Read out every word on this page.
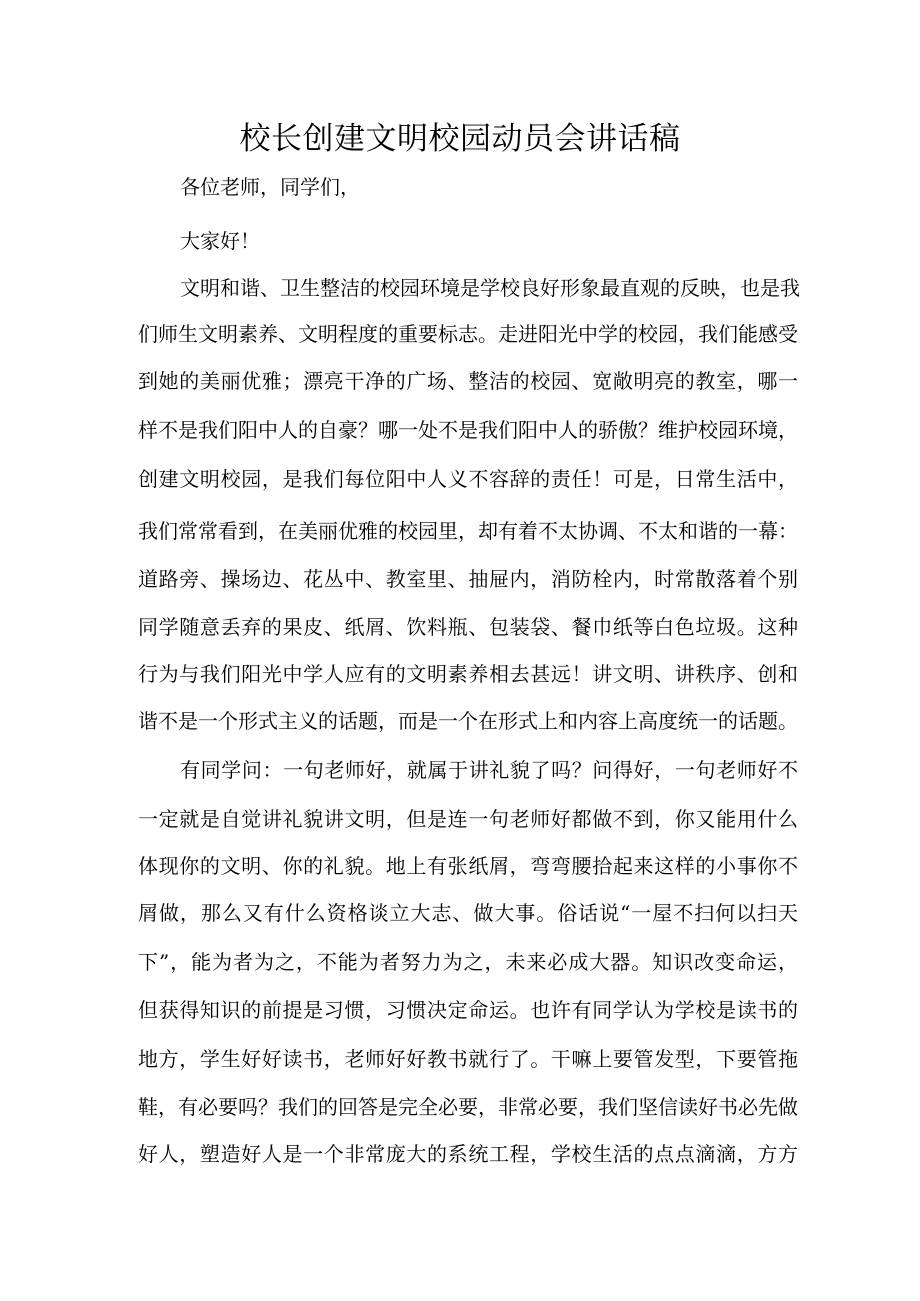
校长创建文明校园动员会讲话稿

各位老师，同学们，

大家好！

文明和谐、卫生整洁的校园环境是学校良好形象最直观的反映，也是我

们师生文明素养、文明程度的重要标志。走进阳光中学的校园，我们能感受

到她的美丽优雅；漂亮干净的广场、整洁的校园、宽敞明亮的教室，哪一

样不是我们阳中人的自豪？哪一处不是我们阳中人的骄傲？维护校园环境，

创建文明校园，是我们每位阳中人义不容辞的责任！可是，日常生活中，

我们常常看到，在美丽优雅的校园里，却有着不太协调、不太和谐的一幕：

道路旁、操场边、花丛中、教室里、抽屉内，消防栓内，时常散落着个别

同学随意丢弃的果皮、纸屑、饮料瓶、包装袋、餐巾纸等白色垃圾。这种

行为与我们阳光中学人应有的文明素养相去甚远！讲文明、讲秩序、创和

谐不是一个形式主义的话题，而是一个在形式上和内容上高度统一的话题。

有同学问：一句老师好，就属于讲礼貌了吗？问得好，一句老师好不

一定就是自觉讲礼貌讲文明，但是连一句老师好都做不到，你又能用什么

体现你的文明、你的礼貌。地上有张纸屑，弯弯腰拾起来这样的小事你不

屑做，那么又有什么资格谈立大志、做大事。俗话说“一屋不扫何以扫天

下”，能为者为之，不能为者努力为之，未来必成大器。知识改变命运，

但获得知识的前提是习惯，习惯决定命运。也许有同学认为学校是读书的

地方，学生好好读书，老师好好教书就行了。干嘛上要管发型，下要管拖

鞋，有必要吗？我们的回答是完全必要，非常必要，我们坚信读好书必先做

好人，塑造好人是一个非常庞大的系统工程，学校生活的点点滴滴，方方
